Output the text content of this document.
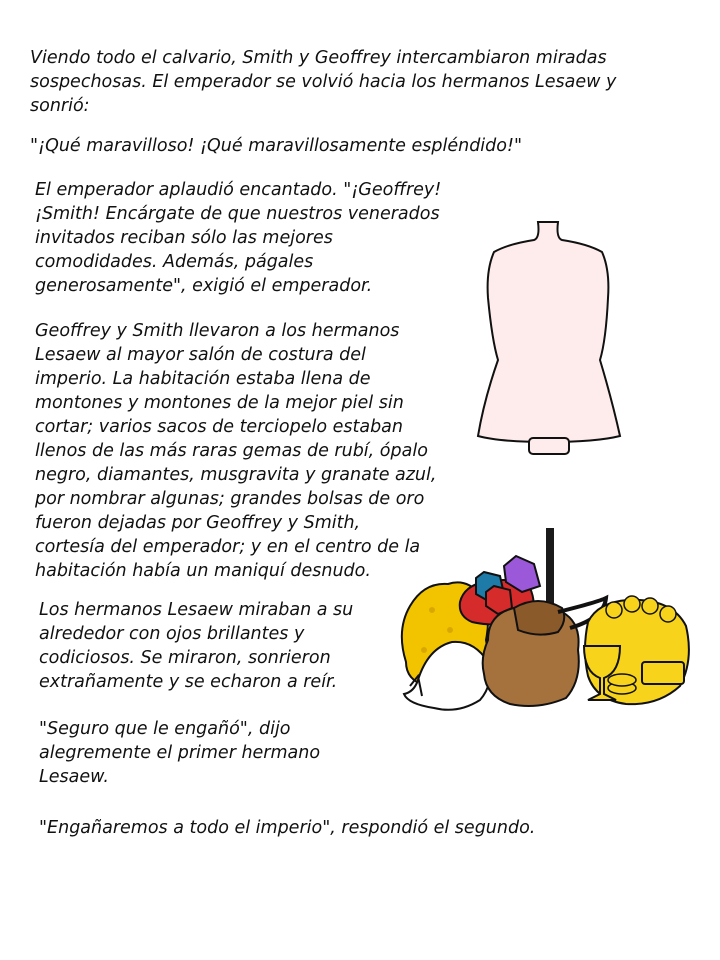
Viendo todo el calvario, Smith y Geoffrey intercambiaron miradas
sospechosas. El emperador se volvió hacia los hermanos Lesaew y
sonrió:
"¡Qué maravilloso! ¡Qué maravillosamente espléndido!"
El emperador aplaudió encantado. "¡Geoffrey!
¡Smith! Encárgate de que nuestros venerados
invitados reciban sólo las mejores
comodidades. Además, págales
generosamente", exigió el emperador.
Geoffrey y Smith llevaron a los hermanos
Lesaew al mayor salón de costura del
imperio. La habitación estaba llena de
montones y montones de la mejor piel sin
cortar; varios sacos de terciopelo estaban
llenos de las más raras gemas de rubí, ópalo
negro, diamantes, musgravita y granate azul,
por nombrar algunas; grandes bolsas de oro
fueron dejadas por Geoffrey y Smith,
cortesía del emperador; y en el centro de la
habitación había un maniquí desnudo.
Los hermanos Lesaew miraban a su
alrededor con ojos brillantes y
codiciosos. Se miraron, sonrieron
extrañamente y se echaron a reír.
"Seguro que le engañó", dijo
alegremente el primer hermano
Lesaew.
"Engañaremos a todo el imperio", respondió el segundo.
